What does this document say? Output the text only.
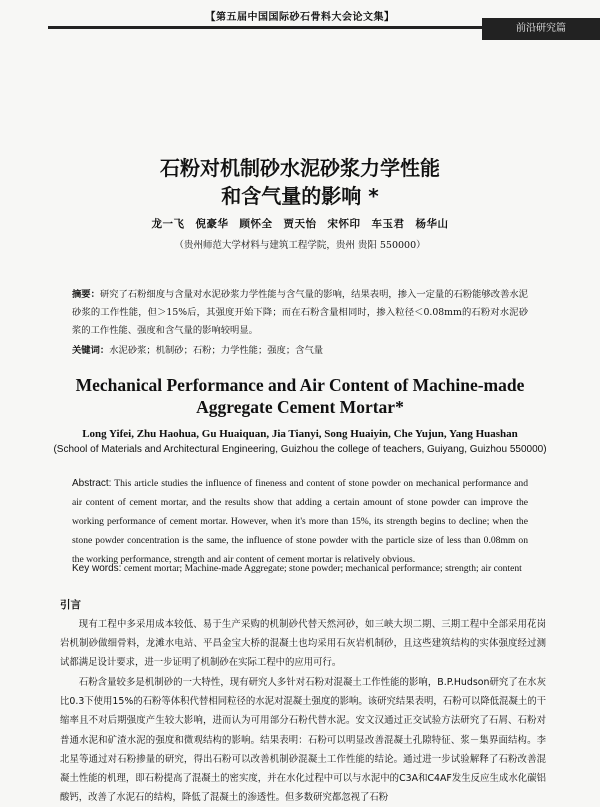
【第五届中国国际砂石骨料大会论文集】
前沿研究篇
石粉对机制砂水泥砂浆力学性能
和含气量的影响 *
龙一飞　倪豪华　顾怀全　贾天怡　宋怀印　车玉君　杨华山
（贵州师范大学材料与建筑工程学院，贵州 贵阳 550000）
摘要：研究了石粉细度与含量对水泥砂浆力学性能与含气量的影响，结果表明，掺入一定量的石粉能够改善水泥砂浆的工作性能，但＞15%后，其强度开始下降；而在石粉含量相同时，掺入粒径＜0.08mm的石粉对水泥砂浆的工作性能、强度和含气量的影响较明显。
关键词：水泥砂浆；机制砂；石粉；力学性能；强度；含气量
Mechanical Performance and Air Content of Machine-made
Aggregate Cement Mortar*
Long Yifei, Zhu Haohua, Gu Huaiquan, Jia Tianyi, Song Huaiyin, Che Yujun, Yang Huashan
(School of Materials and Architectural Engineering, Guizhou the college of teachers, Guiyang, Guizhou 550000)
Abstract: This article studies the influence of fineness and content of stone powder on mechanical performance and air content of cement mortar, and the results show that adding a certain amount of stone powder can improve the working performance of cement mortar. However, when it's more than 15%, its strength begins to decline; when the stone powder concentration is the same, the influence of stone powder with the particle size of less than 0.08mm on the working performance, strength and air content of cement mortar is relatively obvious.
Key words: cement mortar; Machine-made Aggregate; stone powder; mechanical performance; strength; air content
引言
现有工程中多采用成本较低、易于生产采购的机制砂代替天然河砂，如三峡大坝二期、三期工程中全部采用花岗岩机制砂做细骨料，龙滩水电站、平昌金宝大桥的混凝土也均采用石灰岩机制砂，且这些建筑结构的实体强度经过测试都满足设计要求，进一步证明了机制砂在实际工程中的应用可行。
石粉含量较多是机制砂的一大特性，现有研究人多针对石粉对混凝土工作性能的影响，B.P.Hudson研究了在水灰比0.3下使用15%的石粉等体积代替相同粒径的水泥对混凝土强度的影响。该研究结果表明，石粉可以降低混凝土的干缩率且不对后期强度产生较大影响，进而认为可用部分石粉代替水泥。安文汉通过正交试验方法研究了石屑、石粉对普通水泥和矿渣水泥的强度和微观结构的影响。结果表明：石粉可以明显改善混凝土孔隙特征、浆－集界面结构。李北星等通过对石粉掺量的研究，得出石粉可以改善机制砂混凝土工作性能的结论。通过进一步试验解释了石粉改善混凝土性能的机理，即石粉提高了混凝土的密实度，并在水化过程中可以与水泥中的C3A和C4AF发生反应生成水化碳铝酸钙，改善了水泥石的结构，降低了混凝土的渗透性。但多数研究都忽视了石粉
